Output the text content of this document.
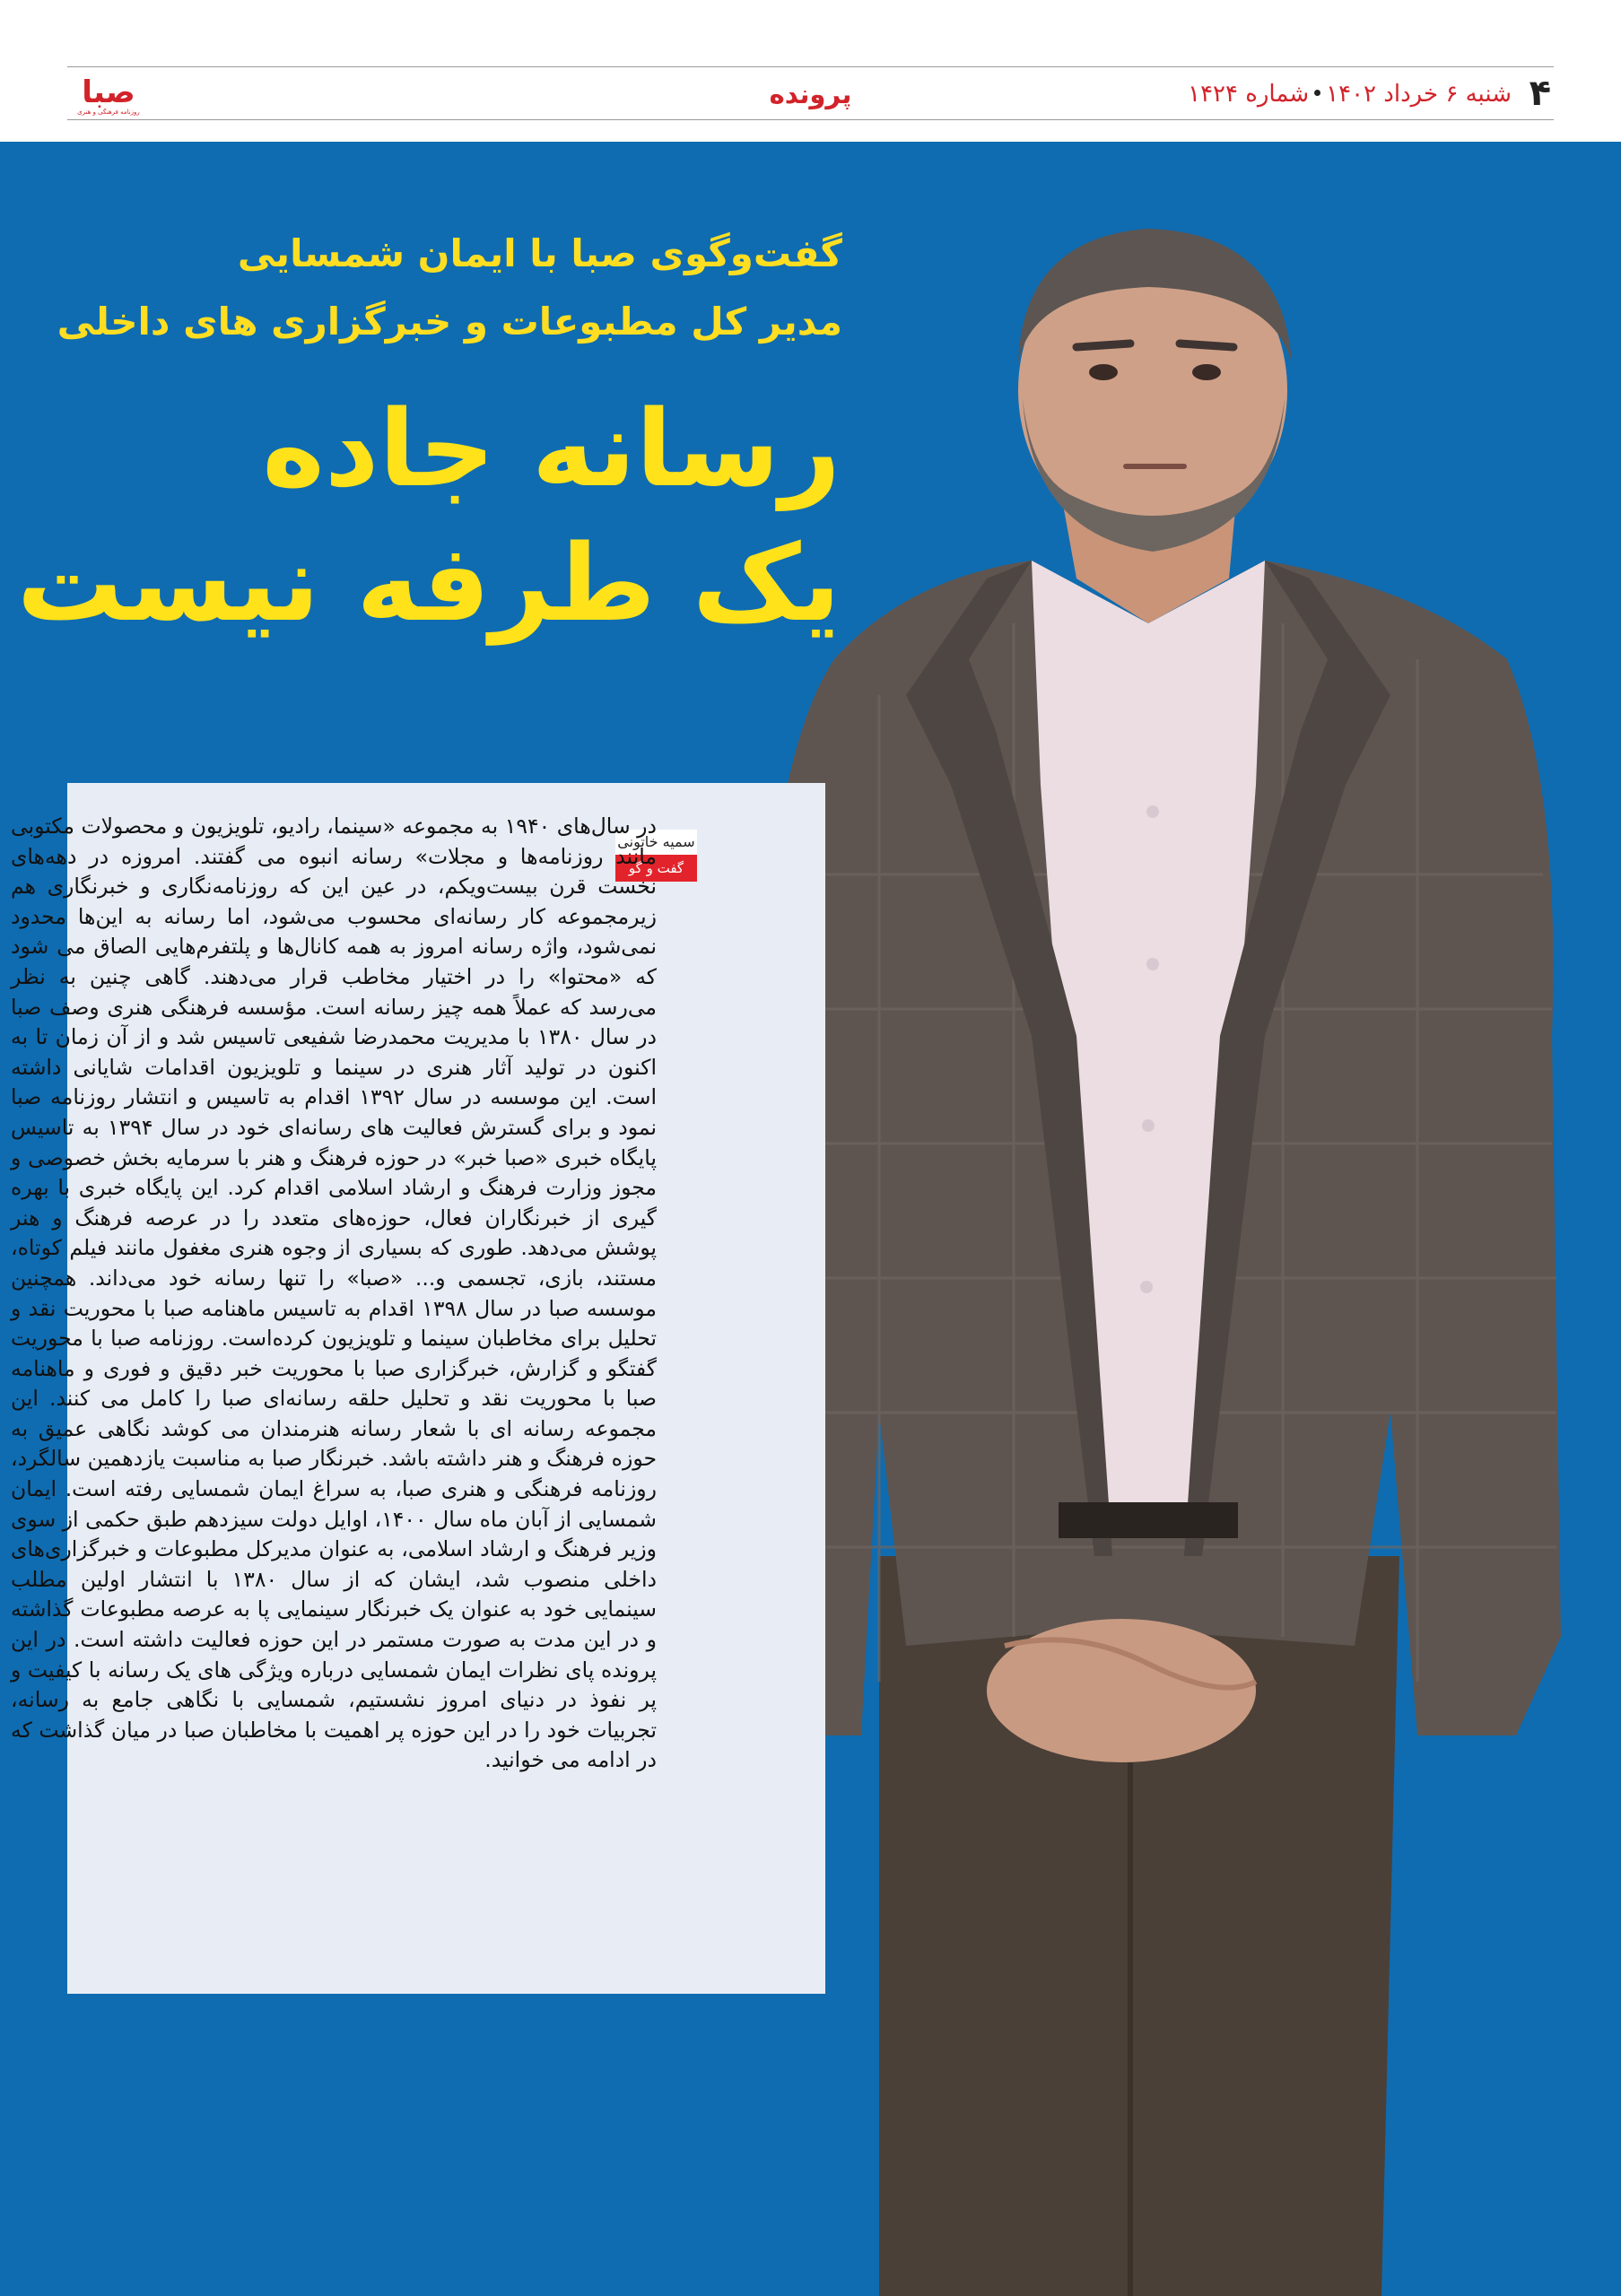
۴
شنبه ۶ خرداد ۱۴۰۲شماره ۱۴۲۴
پرونده
صبا
روزنامه فرهنگی و هنری
گفت‌وگوی صبا با ایمان شمسایی
مدیر کل مطبوعات و خبرگزاری های داخلی
رسانه جاده
یک طرفه نیست
سمیه خاتونی
گفت و گو

در سال‌های ۱۹۴۰ به مجموعه «سینما، رادیو، تلویزیون و محصولات مکتوبی مانند روزنامه‌ها و مجلات» رسانه انبوه می گفتند. امروزه در دهه‌های نخست قرن بیست‌ویکم، در عین این که روزنامه‌نگاری و خبرنگاری هم زیرمجموعه کار رسانه‌ای محسوب می‌شود، اما رسانه به این‌ها محدود نمی‌شود، واژه رسانه امروز به همه کانال‌ها و پلتفرم‌هایی الصاق می شود که «محتوا» را در اختیار مخاطب قرار می‌دهند. گاهی چنین به نظر می‌رسد که عملاً همه چیز رسانه است. مؤسسه فرهنگی هنری وصف صبا در سال ۱۳۸۰ با مدیریت محمدرضا شفیعی تاسیس شد و از آن زمان تا به اکنون در تولید آثار هنری در سینما و تلویزیون اقدامات شایانی داشته است. این موسسه در سال ۱۳۹۲ اقدام به تاسیس و انتشار روزنامه صبا نمود و برای گسترش فعالیت های رسانه‌ای خود در سال ۱۳۹۴ به تاسیس پایگاه خبری «صبا خبر» در حوزه فرهنگ و هنر با سرمایه بخش خصوصی و مجوز وزارت فرهنگ و ارشاد اسلامی اقدام کرد. این پایگاه خبری با بهره گیری از خبرنگاران فعال، حوزه‌های متعدد را در عرصه فرهنگ و هنر پوشش می‌دهد. طوری که بسیاری از وجوه هنری مغفول مانند فیلم کوتاه، مستند، بازی، تجسمی و... «صبا» را تنها رسانه خود می‌داند. همچنین موسسه صبا در سال ۱۳۹۸ اقدام به تاسیس ماهنامه صبا با محوریت نقد و تحلیل برای مخاطبان سینما و تلویزیون کرده‌است. روزنامه صبا با محوریت گفتگو و گزارش، خبرگزاری صبا با محوریت خبر دقیق و فوری و ماهنامه صبا با محوریت نقد و تحلیل حلقه رسانه‌ای صبا را کامل می کنند. این مجموعه رسانه ای با شعار رسانه هنرمندان می کوشد نگاهی عمیق به حوزه فرهنگ و هنر داشته باشد. خبرنگار صبا به مناسبت یازدهمین سالگرد، روزنامه فرهنگی و هنری صبا، به سراغ ایمان شمسایی رفته است. ایمان شمسایی از آبان ماه سال ۱۴۰۰، اوایل دولت سیزدهم طبق حکمی از سوی وزیر فرهنگ و ارشاد اسلامی، به عنوان مدیرکل مطبوعات و خبرگزاری‌های داخلی منصوب شد، ایشان که از سال ۱۳۸۰ با انتشار اولین مطلب سینمایی خود به عنوان یک خبرنگار سینمایی پا به عرصه مطبوعات گذاشته و در این مدت به صورت مستمر در این حوزه فعالیت داشته است. در این پرونده پای نظرات ایمان شمسایی درباره ویژگی های یک رسانه با کیفیت و پر نفوذ در دنیای امروز نشستیم، شمسایی با نگاهی جامع به رسانه، تجربیات خود را در این حوزه پر اهمیت با مخاطبان صبا در میان گذاشت که در ادامه می خوانید.
